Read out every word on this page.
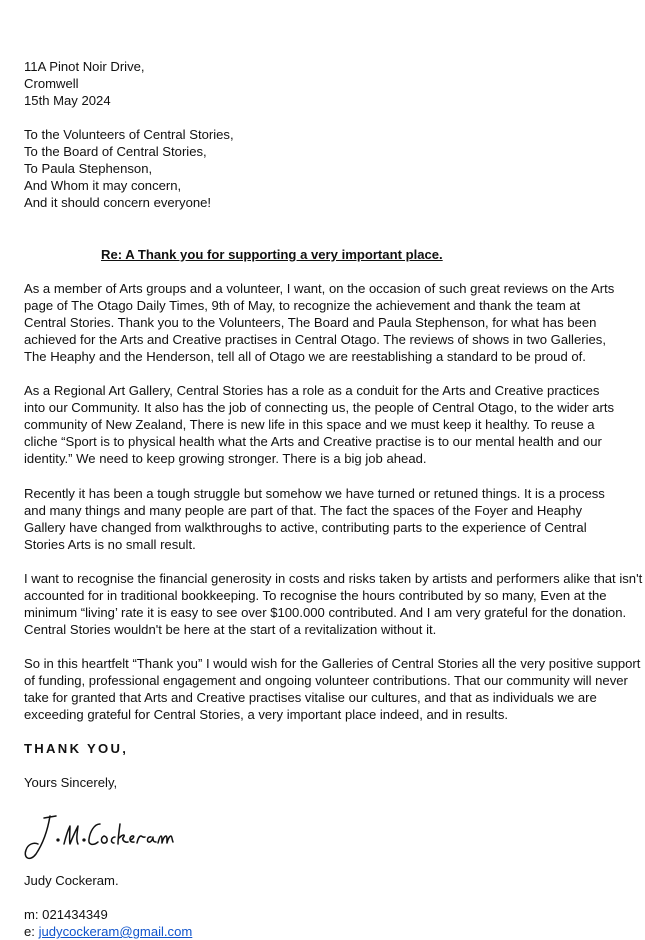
11A Pinot Noir Drive,
Cromwell
15th May 2024
To the Volunteers of Central Stories,
To the Board of Central Stories,
To Paula Stephenson,
And Whom it may concern,
And it should concern everyone!
Re: A Thank you for supporting a very important place.
As a member of Arts groups and a volunteer, I want, on the occasion of such great reviews on the Arts
page of The Otago Daily Times, 9th of May, to recognize the achievement and thank the team at
Central Stories. Thank you to the Volunteers, The Board and Paula Stephenson, for what has been
achieved for the Arts and Creative practises in Central Otago. The reviews of shows in two Galleries,
The Heaphy and the Henderson, tell all of Otago we are reestablishing a standard to be proud of.
As a Regional Art Gallery, Central Stories has a role as a conduit for the Arts and Creative practices
into our Community. It also has the job of connecting us, the people of Central Otago, to the wider arts
community of New Zealand, There is new life in this space and we must keep it healthy. To reuse a
cliche “Sport is to physical health what the Arts and Creative practise is to our mental health and our
identity.” We need to keep growing stronger. There is a big job ahead.
Recently it has been a tough struggle but somehow we have turned or retuned things. It is a process
and many things and many people are part of that. The fact the spaces of the Foyer and Heaphy
Gallery have changed from walkthroughs to active, contributing parts to the experience of Central
Stories Arts is no small result.
I want to recognise the financial generosity in costs and risks taken by artists and performers alike that isn't
accounted for in traditional bookkeeping. To recognise the hours contributed by so many, Even at the
minimum “living’ rate it is easy to see over $100.000 contributed. And I am very grateful for the donation.
Central Stories wouldn't be here at the start of a revitalization without it.
So in this heartfelt “Thank you” I would wish for the Galleries of Central Stories all the very positive support
of funding, professional engagement and ongoing volunteer contributions. That our community will never
take for granted that Arts and Creative practises vitalise our cultures, and that as individuals we are
exceeding grateful for Central Stories, a very important place indeed, and in results.
THANK YOU,
Yours Sincerely,
Judy Cockeram.
m: 021434349
e: judycockeram@gmail.com
